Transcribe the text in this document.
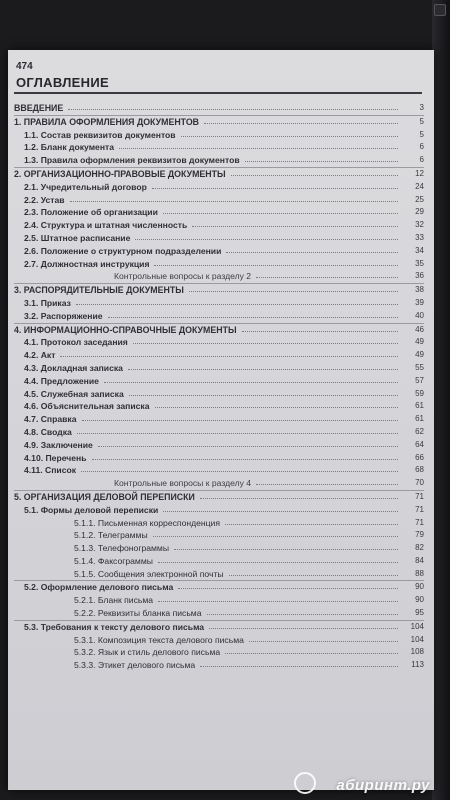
474
ОГЛАВЛЕНИЕ
ВВЕДЕНИЕ	3
1. ПРАВИЛА ОФОРМЛЕНИЯ ДОКУМЕНТОВ	5
1.1. Состав реквизитов документов	5
1.2. Бланк документа	6
1.3. Правила оформления реквизитов документов	6
2. ОРГАНИЗАЦИОННО-ПРАВОВЫЕ ДОКУМЕНТЫ	12
2.1. Учредительный договор	24
2.2. Устав	25
2.3. Положение об организации	29
2.4. Структура и штатная численность	32
2.5. Штатное расписание	33
2.6. Положение о структурном подразделении	34
2.7. Должностная инструкция	35
Контрольные вопросы к разделу 2	36
3. РАСПОРЯДИТЕЛЬНЫЕ ДОКУМЕНТЫ	38
3.1. Приказ	39
3.2. Распоряжение	40
4. ИНФОРМАЦИОННО-СПРАВОЧНЫЕ ДОКУМЕНТЫ	46
4.1. Протокол заседания	49
4.2. Акт	49
4.3. Докладная записка	55
4.4. Предложение	57
4.5. Служебная записка	59
4.6. Объяснительная записка	61
4.7. Справка	61
4.8. Сводка	62
4.9. Заключение	64
4.10. Перечень	66
4.11. Список	68
Контрольные вопросы к разделу 4	70
5. ОРГАНИЗАЦИЯ ДЕЛОВОЙ ПЕРЕПИСКИ	71
5.1. Формы деловой переписки	71
5.1.1. Письменная корреспонденция	71
5.1.2. Телеграммы	79
5.1.3. Телефонограммы	82
5.1.4. Факсограммы	84
5.1.5. Сообщения электронной почты	88
5.2. Оформление делового письма	90
5.2.1. Бланк письма	90
5.2.2. Реквизиты бланка письма	95
5.3. Требования к тексту делового письма	104
5.3.1. Композиция текста делового письма	104
5.3.2. Язык и стиль делового письма	108
5.3.3. Этикет делового письма	113
абиринт.ру
